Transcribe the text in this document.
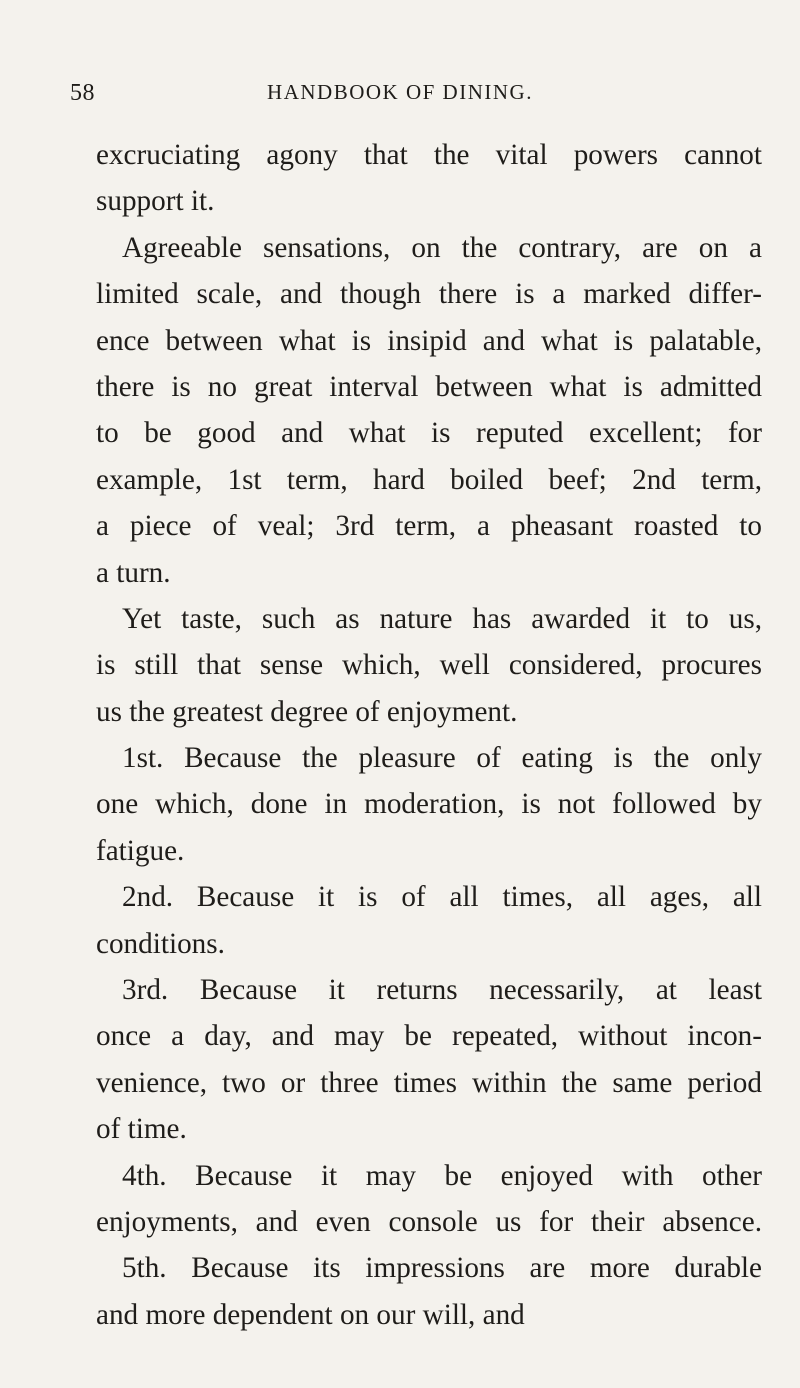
58	HANDBOOK OF DINING.
excruciating agony that the vital powers cannot
support it.
Agreeable sensations, on the contrary, are on a
limited scale, and though there is a marked differ-
ence between what is insipid and what is palatable,
there is no great interval between what is admitted
to be good and what is reputed excellent; for
example, 1st term, hard boiled beef; 2nd term,
a piece of veal; 3rd term, a pheasant roasted to
a turn.
Yet taste, such as nature has awarded it to us,
is still that sense which, well considered, procures
us the greatest degree of enjoyment.
1st. Because the pleasure of eating is the only
one which, done in moderation, is not followed by
fatigue.
2nd. Because it is of all times, all ages, all
conditions.
3rd. Because it returns necessarily, at least
once a day, and may be repeated, without incon-
venience, two or three times within the same period
of time.
4th. Because it may be enjoyed with other
enjoyments, and even console us for their absence.
5th. Because its impressions are more durable
and more dependent on our will, and
